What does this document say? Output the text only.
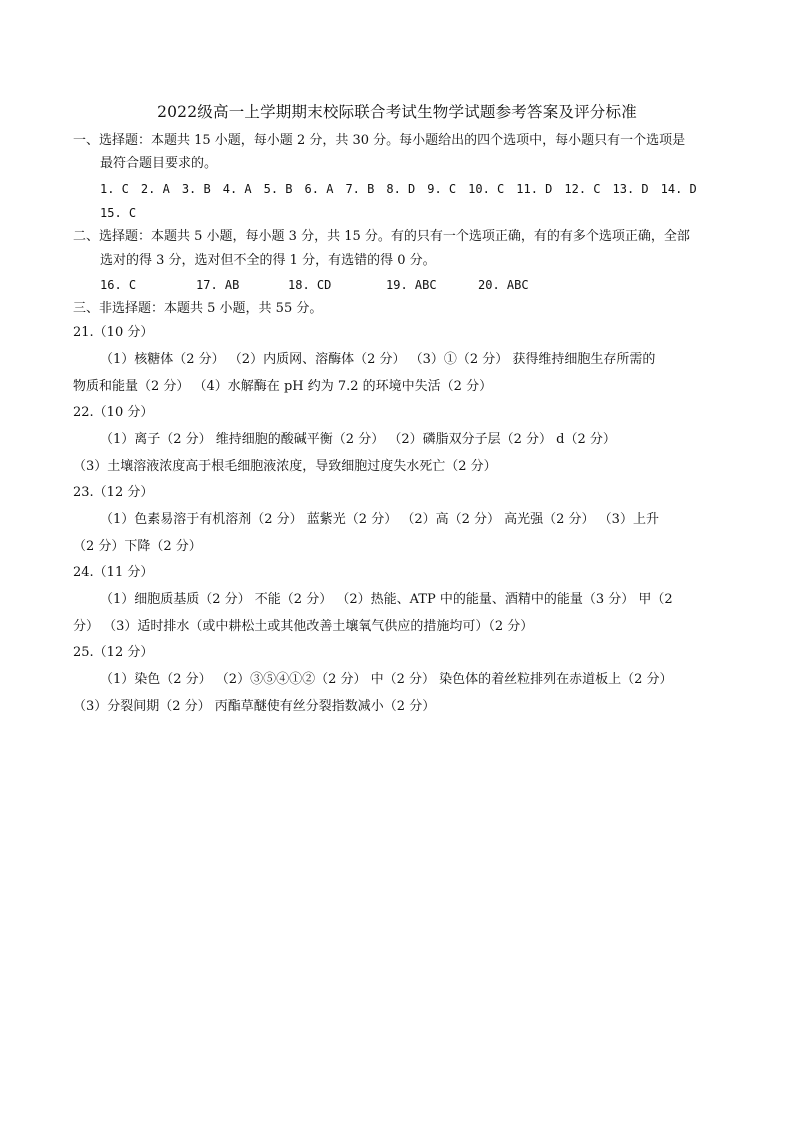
2022级高一上学期期末校际联合考试生物学试题参考答案及评分标准
一、选择题：本题共 15 小题，每小题 2 分，共 30 分。每小题给出的四个选项中，每小题只有一个选项是
最符合题目要求的。
1. C 2. A 3. B 4. A 5. B 6. A 7. B 8. D 9. C 10. C 11. D 12. C 13. D 14. D
15. C
二、选择题：本题共 5 小题，每小题 3 分，共 15 分。有的只有一个选项正确，有的有多个选项正确，全部
选对的得 3 分，选对但不全的得 1 分，有选错的得 0 分。
16. C	17. AB	18. CD	19. ABC	20. ABC
三、非选择题：本题共 5 小题，共 55 分。
21.（10 分）
（1）核糖体（2 分） （2）内质网、溶酶体（2 分） （3）①（2 分） 获得维持细胞生存所需的
物质和能量（2 分） （4）水解酶在 pH 约为 7.2 的环境中失活（2 分）
22.（10 分）
（1）离子（2 分） 维持细胞的酸碱平衡（2 分） （2）磷脂双分子层（2 分） d（2 分）
（3）土壤溶液浓度高于根毛细胞液浓度，导致细胞过度失水死亡（2 分）
23.（12 分）
（1）色素易溶于有机溶剂（2 分） 蓝紫光（2 分） （2）高（2 分） 高光强（2 分） （3）上升
（2 分）下降（2 分）
24.（11 分）
（1）细胞质基质（2 分） 不能（2 分） （2）热能、ATP 中的能量、酒精中的能量（3 分） 甲（2
分） （3）适时排水（或中耕松土或其他改善土壤氧气供应的措施均可）（2 分）
25.（12 分）
（1）染色（2 分） （2）③⑤④①②（2 分） 中（2 分） 染色体的着丝粒排列在赤道板上（2 分）
（3）分裂间期（2 分） 丙酯草醚使有丝分裂指数减小（2 分）
